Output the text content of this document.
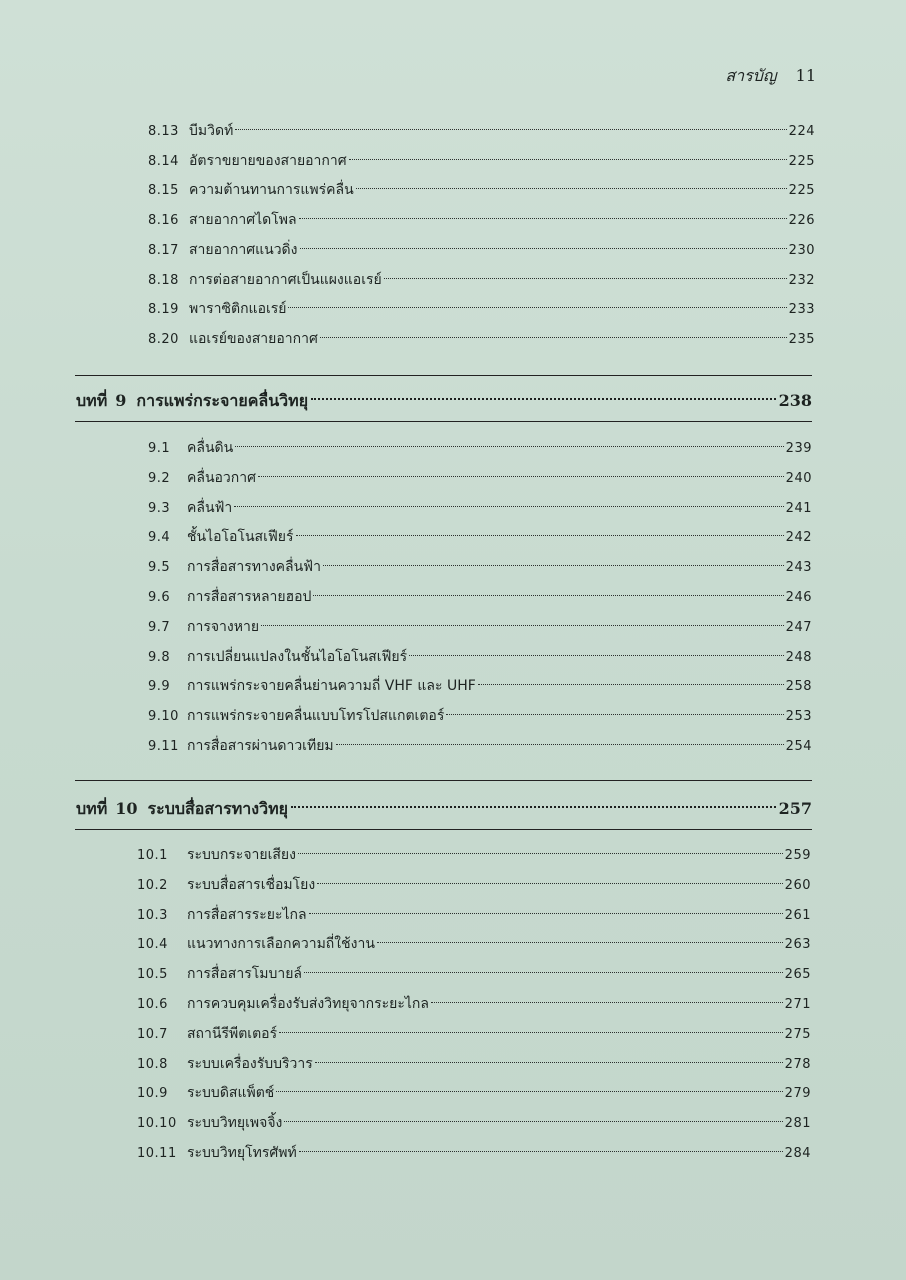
สารบัญ 11
8.13 บีมวิดท์	224
8.14 อัตราขยายของสายอากาศ	225
8.15 ความต้านทานการแพร่คลื่น	225
8.16 สายอากาศไดโพล	226
8.17 สายอากาศแนวดิ่ง	230
8.18 การต่อสายอากาศเป็นแผงแอเรย์	232
8.19 พาราซิติกแอเรย์	233
8.20 แอเรย์ของสายอากาศ	235
บทที่ 9 การแพร่กระจายคลื่นวิทยุ	238
9.1	คลื่นดิน	239
9.2	คลื่นอวกาศ	240
9.3	คลื่นฟ้า	241
9.4	ชั้นไอโอโนสเฟียร์	242
9.5	การสื่อสารทางคลื่นฟ้า	243
9.6	การสื่อสารหลายฮอป	246
9.7	การจางหาย	247
9.8	การเปลี่ยนแปลงในชั้นไอโอโนสเฟียร์	248
9.9	การแพร่กระจายคลื่นย่านความถี่ VHF และ UHF	258
9.10 การแพร่กระจายคลื่นแบบโทรโปสแกตเตอร์	253
9.11 การสื่อสารผ่านดาวเทียม	254
บทที่ 10 ระบบสื่อสารทางวิทยุ	257
10.1	ระบบกระจายเสียง	259
10.2	ระบบสื่อสารเชื่อมโยง	260
10.3	การสื่อสารระยะไกล	261
10.4	แนวทางการเลือกความถี่ใช้งาน	263
10.5	การสื่อสารโมบายล์	265
10.6	การควบคุมเครื่องรับส่งวิทยุจากระยะไกล	271
10.7	สถานีรีพีตเตอร์	275
10.8	ระบบเครื่องรับบริวาร	278
10.9	ระบบดิสแพ็ตช์	279
10.10 ระบบวิทยุเพจจิ้ง	281
10.11 ระบบวิทยุโทรศัพท์	284
